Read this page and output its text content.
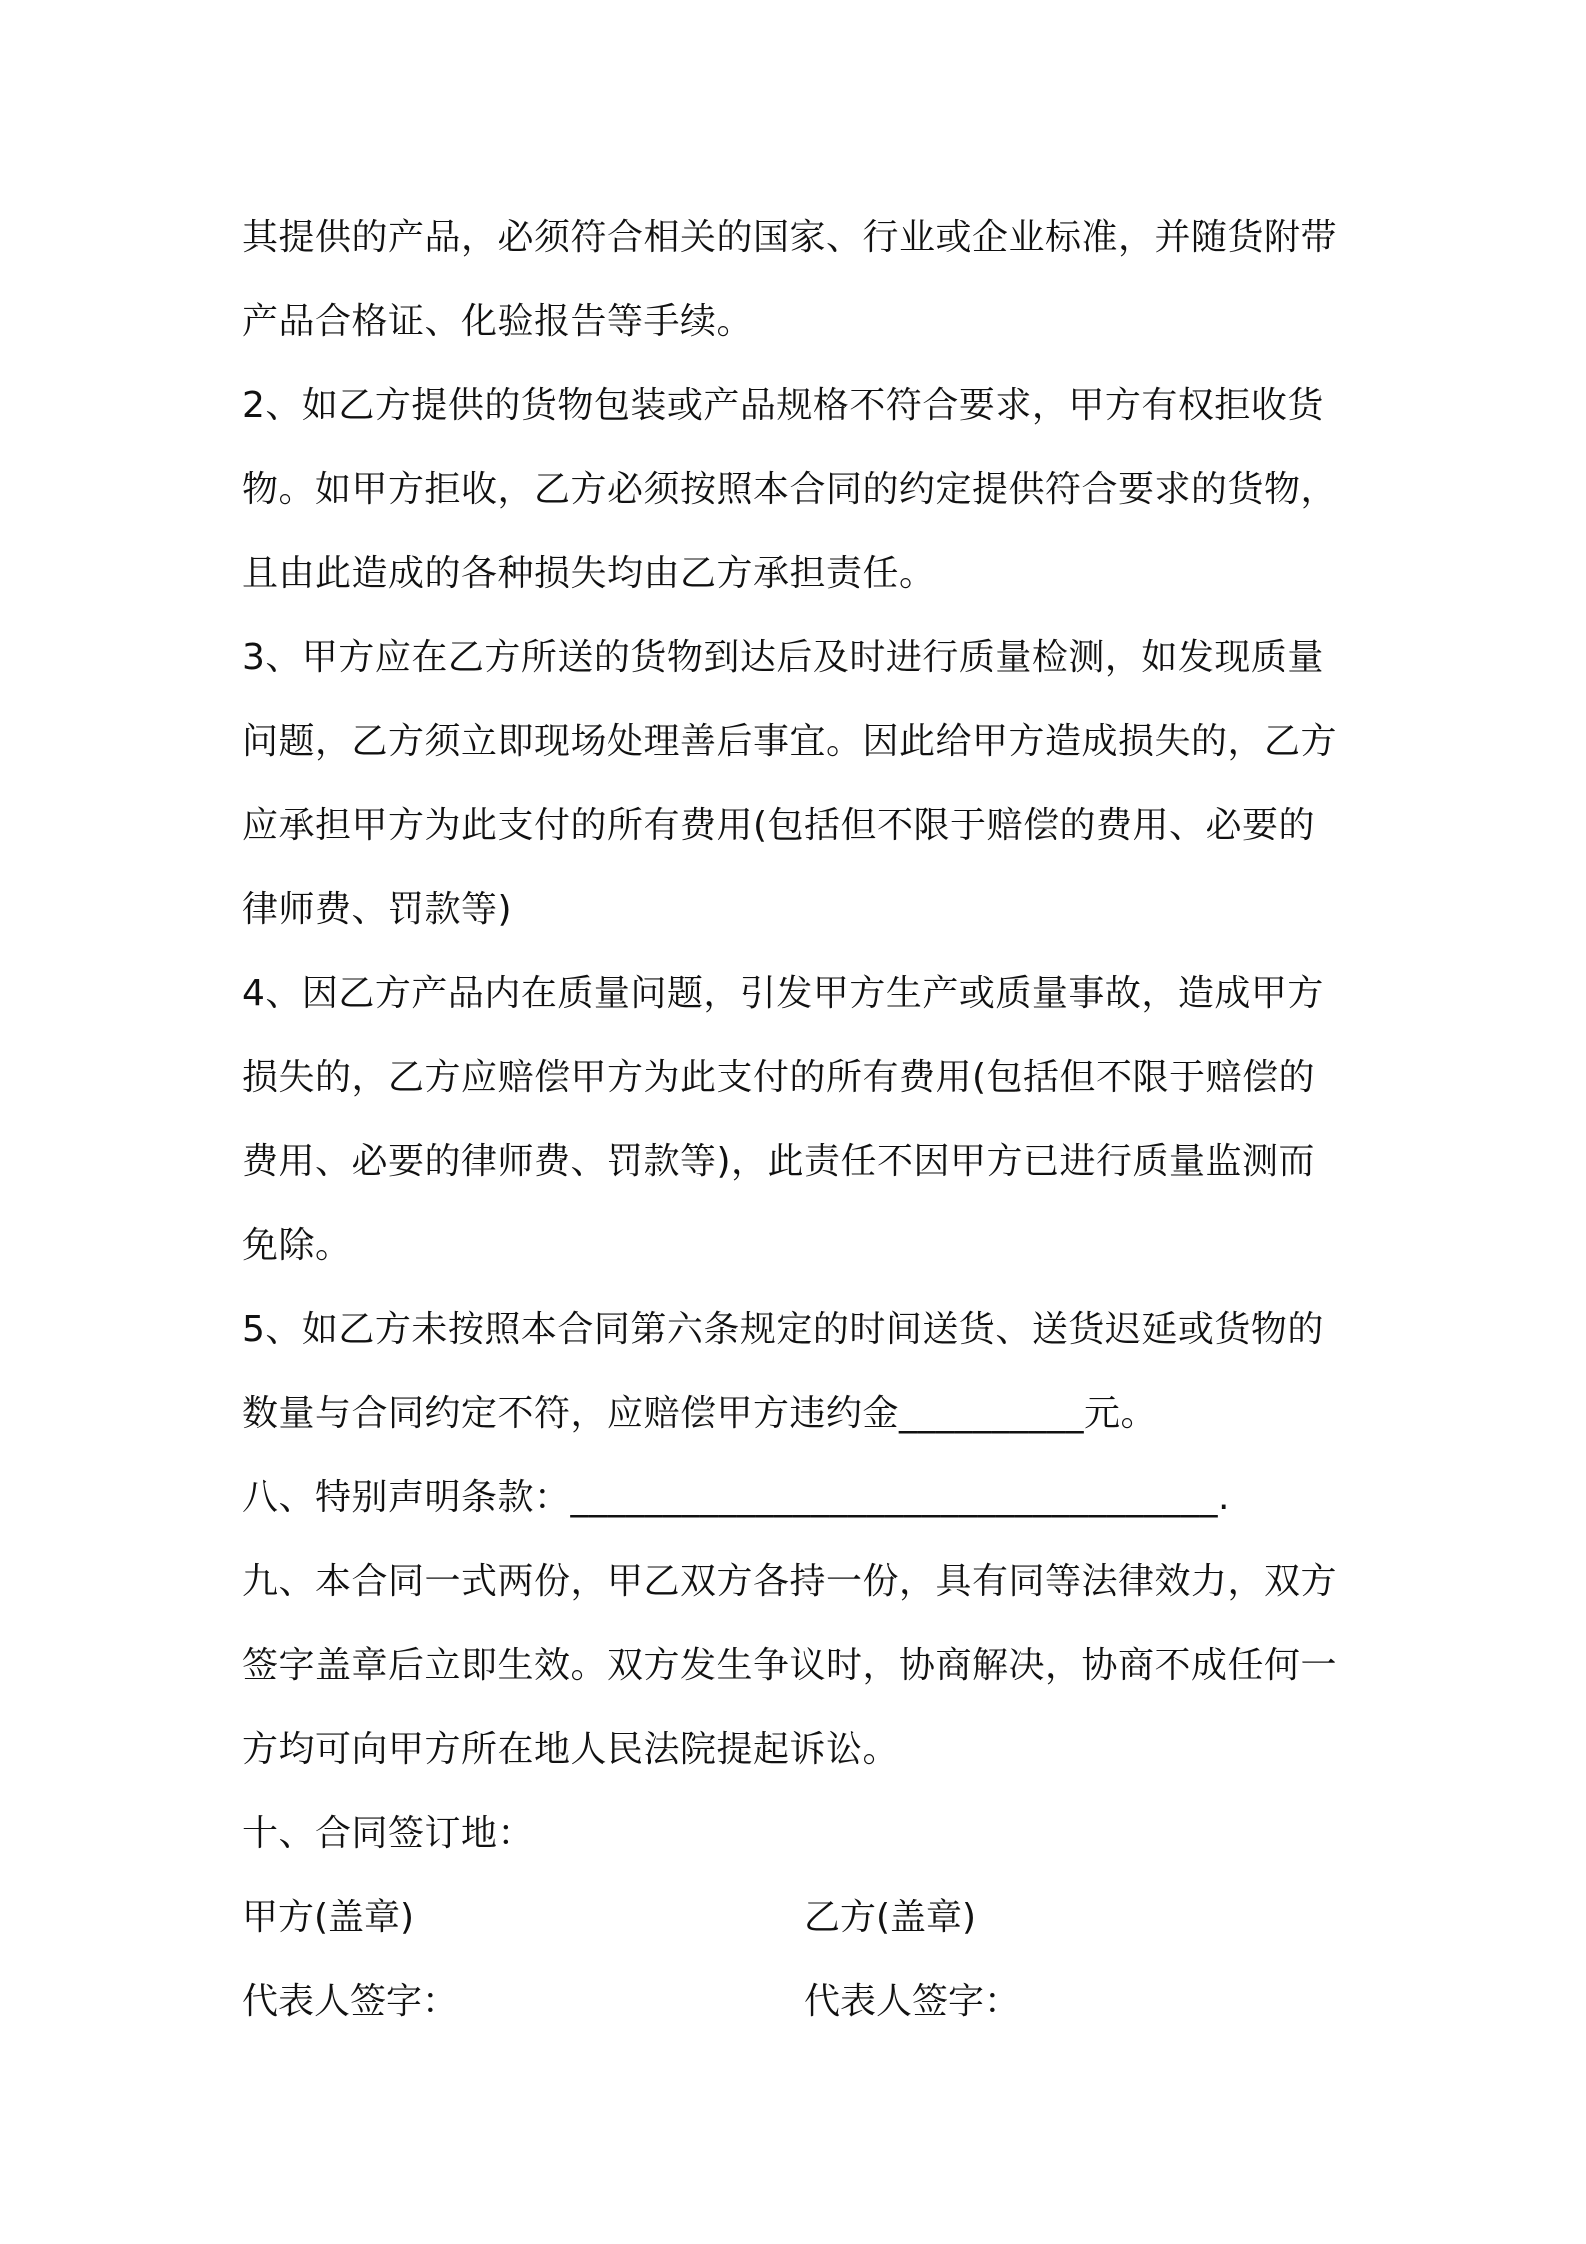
其提供的产品，必须符合相关的国家、行业或企业标准，并随货附带
产品合格证、化验报告等手续。
2、如乙方提供的货物包装或产品规格不符合要求，甲方有权拒收货
物。如甲方拒收，乙方必须按照本合同的约定提供符合要求的货物，
且由此造成的各种损失均由乙方承担责任。
3、甲方应在乙方所送的货物到达后及时进行质量检测，如发现质量
问题，乙方须立即现场处理善后事宜。因此给甲方造成损失的，乙方
应承担甲方为此支付的所有费用(包括但不限于赔偿的费用、必要的
律师费、罚款等)
4、因乙方产品内在质量问题，引发甲方生产或质量事故，造成甲方
损失的，乙方应赔偿甲方为此支付的所有费用(包括但不限于赔偿的
费用、必要的律师费、罚款等)，此责任不因甲方已进行质量监测而
免除。
5、如乙方未按照本合同第六条规定的时间送货、送货迟延或货物的
数量与合同约定不符，应赔偿甲方违约金__________元。
八、特别声明条款：___________________________________.
九、本合同一式两份，甲乙双方各持一份，具有同等法律效力，双方
签字盖章后立即生效。双方发生争议时，协商解决，协商不成任何一
方均可向甲方所在地人民法院提起诉讼。
十、合同签订地：
甲方(盖章)	乙方(盖章)
代表人签字：	代表人签字：
